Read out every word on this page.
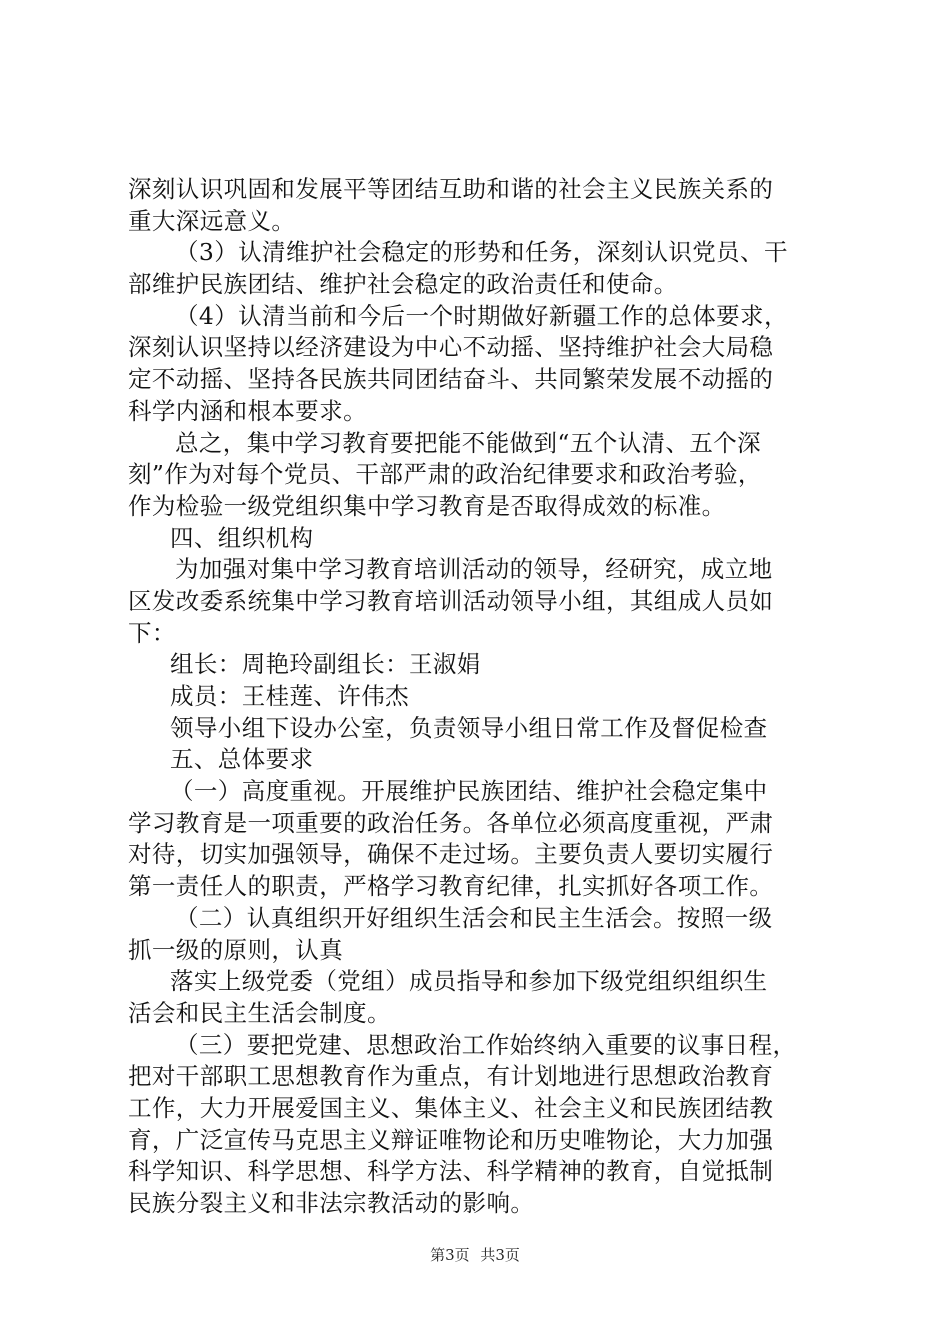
深刻认识巩固和发展平等团结互助和谐的社会主义民族关系的
重大深远意义。
（3）认清维护社会稳定的形势和任务，深刻认识党员、干
部维护民族团结、维护社会稳定的政治责任和使命。
（4）认清当前和今后一个时期做好新疆工作的总体要求，
深刻认识坚持以经济建设为中心不动摇、坚持维护社会大局稳
定不动摇、坚持各民族共同团结奋斗、共同繁荣发展不动摇的
科学内涵和根本要求。
总之，集中学习教育要把能不能做到“五个认清、五个深
刻”作为对每个党员、干部严肃的政治纪律要求和政治考验，
作为检验一级党组织集中学习教育是否取得成效的标准。
四、组织机构
为加强对集中学习教育培训活动的领导，经研究，成立地
区发改委系统集中学习教育培训活动领导小组，其组成人员如
下：
组长：周艳玲副组长：王淑娟
成员：王桂莲、许伟杰
领导小组下设办公室，负责领导小组日常工作及督促检查
五、总体要求
（一）高度重视。开展维护民族团结、维护社会稳定集中
学习教育是一项重要的政治任务。各单位必须高度重视，严肃
对待，切实加强领导，确保不走过场。主要负责人要切实履行
第一责任人的职责，严格学习教育纪律，扎实抓好各项工作。
（二）认真组织开好组织生活会和民主生活会。按照一级
抓一级的原则，认真
落实上级党委（党组）成员指导和参加下级党组织组织生
活会和民主生活会制度。
（三）要把党建、思想政治工作始终纳入重要的议事日程，
把对干部职工思想教育作为重点，有计划地进行思想政治教育
工作，大力开展爱国主义、集体主义、社会主义和民族团结教
育，广泛宣传马克思主义辩证唯物论和历史唯物论，大力加强
科学知识、科学思想、科学方法、科学精神的教育，自觉抵制
民族分裂主义和非法宗教活动的影响。
第3页 共3页
